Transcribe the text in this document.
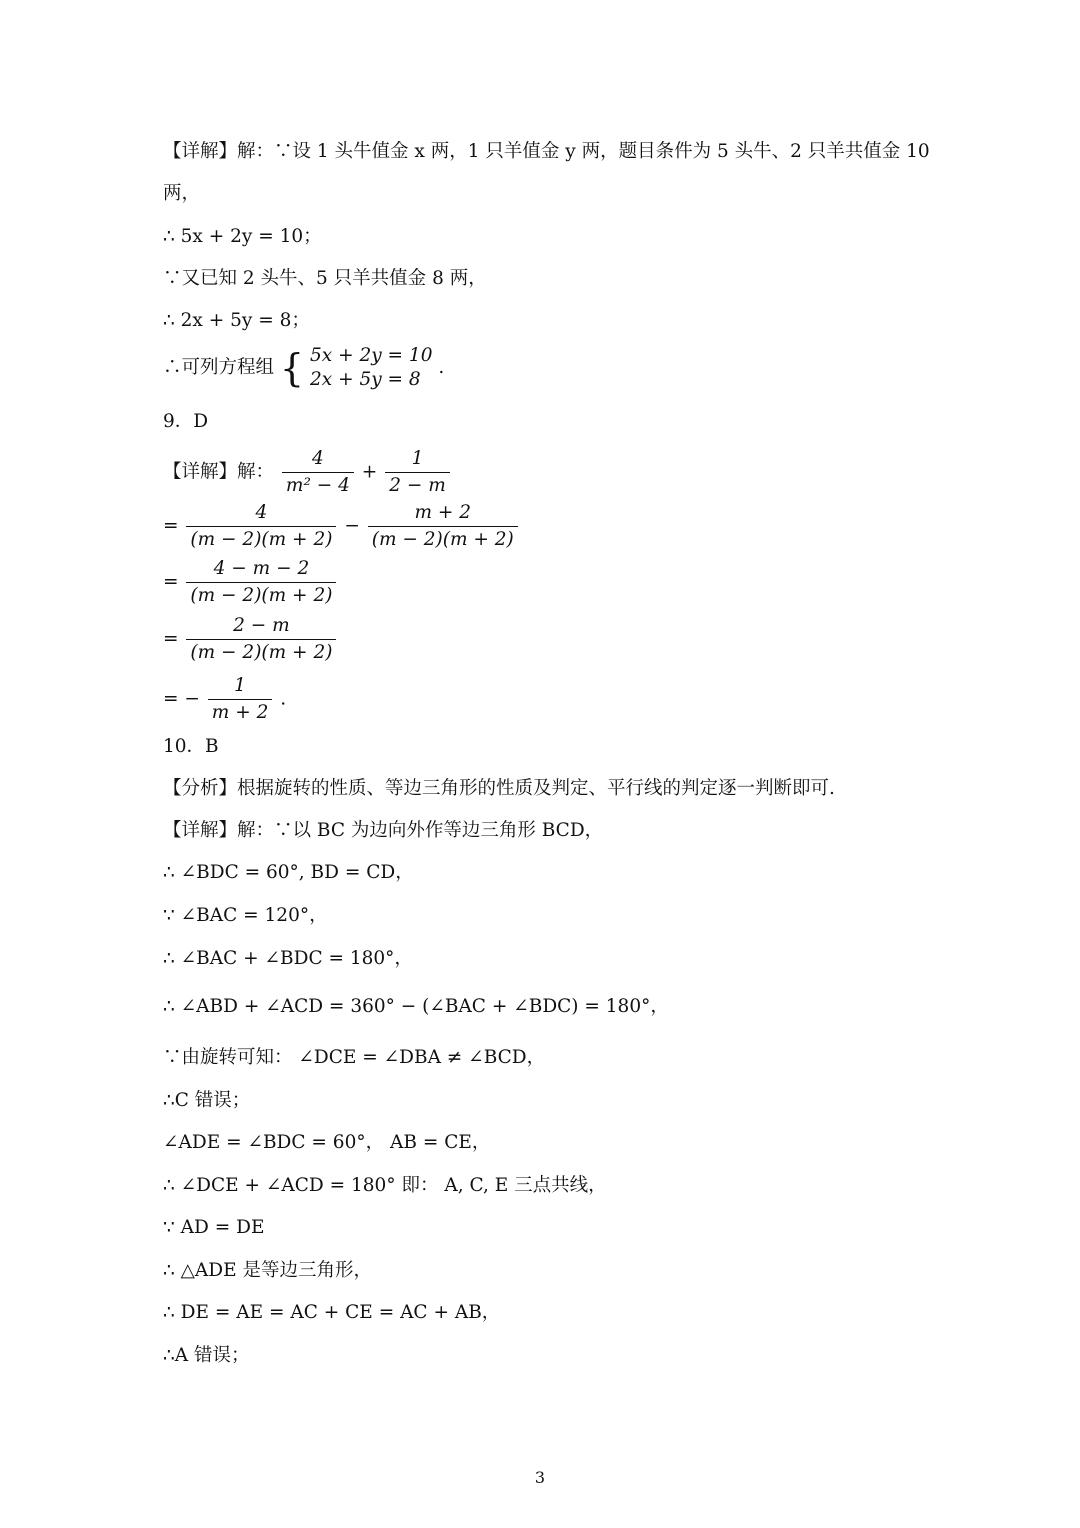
【详解】解：∵设 1 头牛值金 x 两，1 只羊值金 y 两，题目条件为 5 头牛、2 只羊共值金 10
两，
∴ 5x + 2y = 10；
∵又已知 2 头牛、5 只羊共值金 8 两，
∴ 2x + 5y = 8；
∴可列方程组 { 5x + 2y = 10
2x + 5y = 8
.
9．D
【详解】解： $\frac{4}{\text{m² − 4}} + \frac{1}{2 - m}$
= $\frac{4}{(m - 2)(m + 2)} - \frac{m + 2}{(m - 2)(m + 2)}$
= $\frac{4 - m - 2}{(m - 2)(m + 2)}$
= $\frac{2 - m}{(m - 2)(m + 2)}$
= − $\frac{1}{m + 2}$ .
10．B
【分析】根据旋转的性质、等边三角形的性质及判定、平行线的判定逐一判断即可.
【详解】解：∵以 BC 为边向外作等边三角形 BCD，
∴ ∠BDC = 60°, BD = CD，
∵ ∠BAC = 120°，
∴ ∠BAC + ∠BDC = 180°，
∴ ∠ABD + ∠ACD = 360° − (∠BAC + ∠BDC) = 180°，
∵由旋转可知： ∠DCE = ∠DBA ≠ ∠BCD，
∴C 错误；
∠ADE = ∠BDC = 60°， AB = CE，
∴ ∠DCE + ∠ACD = 180° 即： A, C, E 三点共线，
∵ AD = DE
∴ △ADE 是等边三角形，
∴ DE = AE = AC + CE = AC + AB，
∴A 错误；
3
